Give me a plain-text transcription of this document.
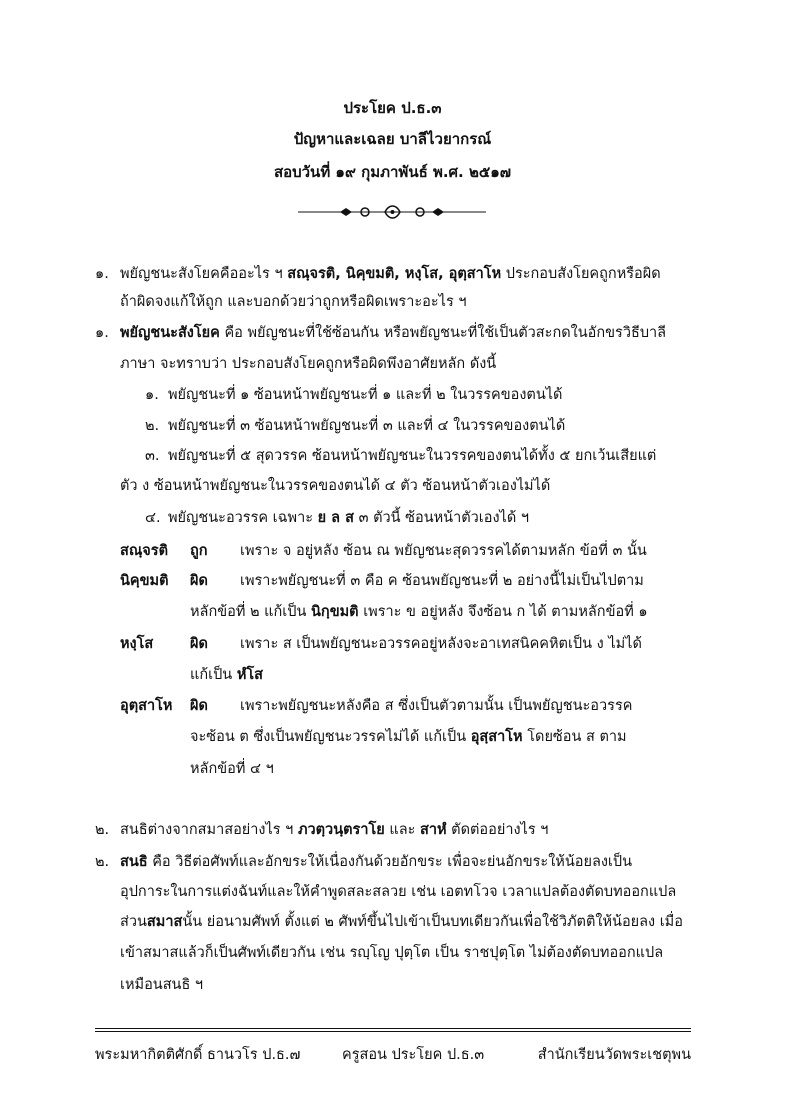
ประโยค ป.ธ.๓
ปัญหาและเฉลย บาลีไวยากรณ์
สอบวันที่ ๑๙ กุมภาพันธ์ พ.ศ. ๒๕๑๗
๑. พยัญชนะสังโยคคืออะไร ฯ สณฺจรติ, นิคฺขมติ, หงฺโส, อุตฺสาโห ประกอบสังโยคถูกหรือผิด
ถ้าผิดจงแก้ให้ถูก และบอกด้วยว่าถูกหรือผิดเพราะอะไร ฯ
๑. พยัญชนะสังโยค คือ พยัญชนะที่ใช้ซ้อนกัน หรือพยัญชนะที่ใช้เป็นตัวสะกดในอักขรวิธีบาลี
ภาษา จะทราบว่า ประกอบสังโยคถูกหรือผิดพึงอาศัยหลัก ดังนี้
๑. พยัญชนะที่ ๑ ซ้อนหน้าพยัญชนะที่ ๑ และที่ ๒ ในวรรคของตนได้
๒. พยัญชนะที่ ๓ ซ้อนหน้าพยัญชนะที่ ๓ และที่ ๔ ในวรรคของตนได้
๓. พยัญชนะที่ ๕ สุดวรรค ซ้อนหน้าพยัญชนะในวรรคของตนได้ทั้ง ๕ ยกเว้นเสียแต่
ตัว ง ซ้อนหน้าพยัญชนะในวรรคของตนได้ ๔ ตัว ซ้อนหน้าตัวเองไม่ได้
๔. พยัญชนะอวรรค เฉพาะ ย ล ส ๓ ตัวนี้ ซ้อนหน้าตัวเองได้ ฯ
สณฺจรติ ถูก เพราะ จ อยู่หลัง ซ้อน ณ พยัญชนะสุดวรรคได้ตามหลัก ข้อที่ ๓ นั้น
นิคฺขมติ ผิด เพราะพยัญชนะที่ ๓ คือ ค ซ้อนพยัญชนะที่ ๒ อย่างนี้ไม่เป็นไปตาม
หลักข้อที่ ๒ แก้เป็น นิกฺขมติ เพราะ ข อยู่หลัง จึงซ้อน ก ได้ ตามหลักข้อที่ ๑
หงฺโส	ผิด เพราะ ส เป็นพยัญชนะอวรรคอยู่หลังจะอาเทสนิคคหิตเป็น ง ไม่ได้
แก้เป็น หํโส
อุตฺสาโห ผิด เพราะพยัญชนะหลังคือ ส ซึ่งเป็นตัวตามนั้น เป็นพยัญชนะอวรรค
จะซ้อน ต ซึ่งเป็นพยัญชนะวรรคไม่ได้ แก้เป็น อุสฺสาโห โดยซ้อน ส ตาม
หลักข้อที่ ๔ ฯ
๒. สนธิต่างจากสมาสอย่างไร ฯ ภวตฺวนฺตราโย และ สาหํ ตัดต่ออย่างไร ฯ
๒. สนธิ คือ วิธีต่อศัพท์และอักขระให้เนื่องกันด้วยอักขระ เพื่อจะย่นอักขระให้น้อยลงเป็น
อุปการะในการแต่งฉันท์และให้คำพูดสละสลวย เช่น เอตทโวจ เวลาแปลต้องตัดบทออกแปล
ส่วนสมาสนั้น ย่อนามศัพท์ ตั้งแต่ ๒ ศัพท์ขึ้นไปเข้าเป็นบทเดียวกันเพื่อใช้วิภัตติให้น้อยลง เมื่อ
เข้าสมาสแล้วก็เป็นศัพท์เดียวกัน เช่น รญฺโญ ปุตฺโต เป็น ราชปุตฺโต ไม่ต้องตัดบทออกแปล
เหมือนสนธิ ฯ
พระมหากิตติศักดิ์ ธานวโร ป.ธ.๗	ครูสอน ประโยค ป.ธ.๓	สำนักเรียนวัดพระเชตุพน
